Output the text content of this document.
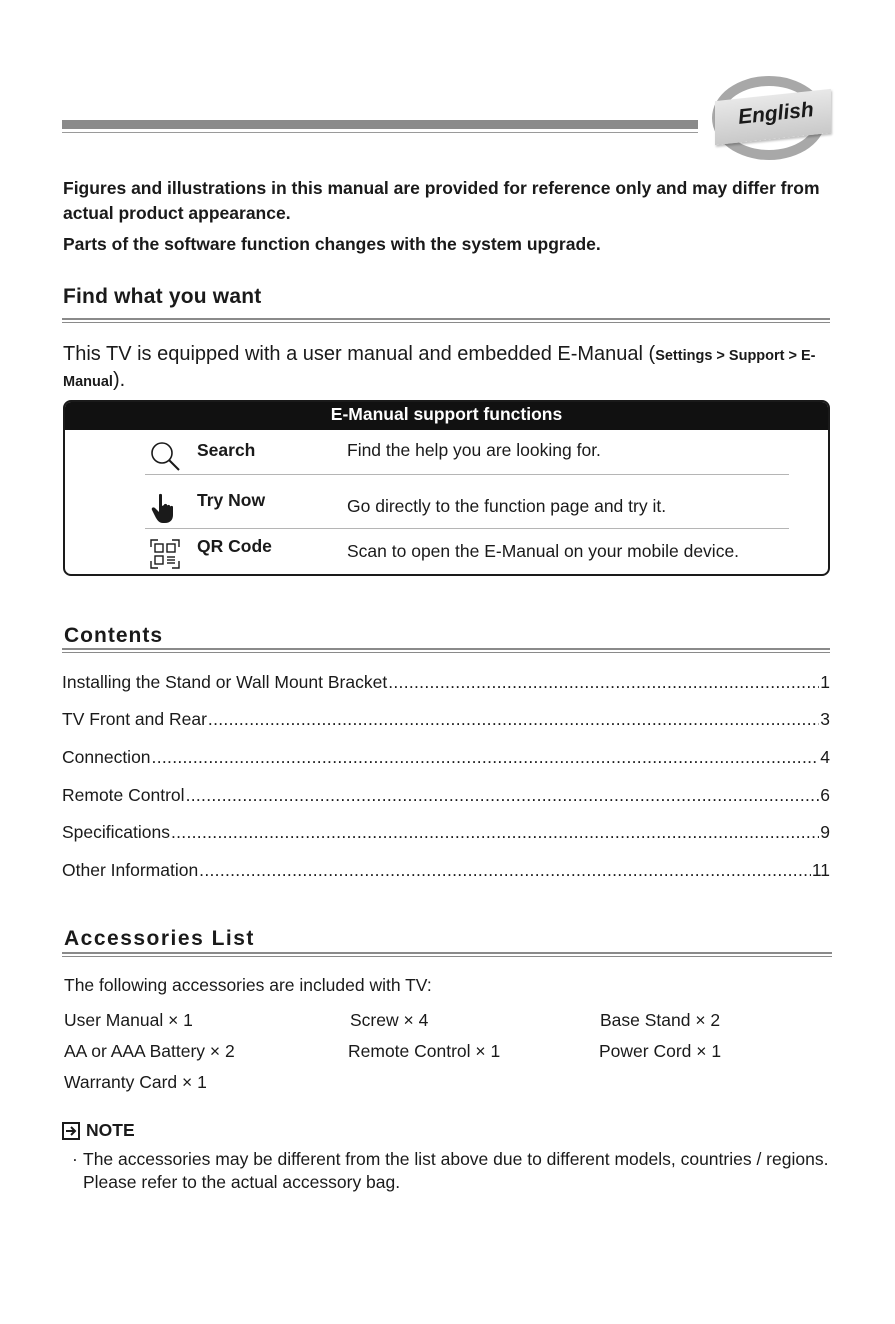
English
Figures and illustrations in this manual are provided for reference only and may differ from actual product appearance.
Parts of the software function changes with the system upgrade.
Find what you want
This TV is equipped with a user manual and embedded E-Manual (Settings > Support > E-Manual).
E-Manual support functions
Search	Find the help you are looking for.
Try Now	Go directly to the function page and try it.
QR Code	Scan to open the E-Manual on your mobile device.
Contents
Installing the Stand or Wall Mount Bracket .....	1
TV Front and Rear .....	3
Connection .....	4
Remote Control .....	6
Specifications .....	9
Other Information .....	11
Accessories List
The following accessories are included with TV:
User Manual × 1	Screw × 4	Base Stand × 2
AA or AAA Battery × 2	Remote Control × 1	Power Cord × 1
Warranty Card × 1
NOTE
· The accessories may be different from the list above due to different models, countries / regions. Please refer to the actual accessory bag.
